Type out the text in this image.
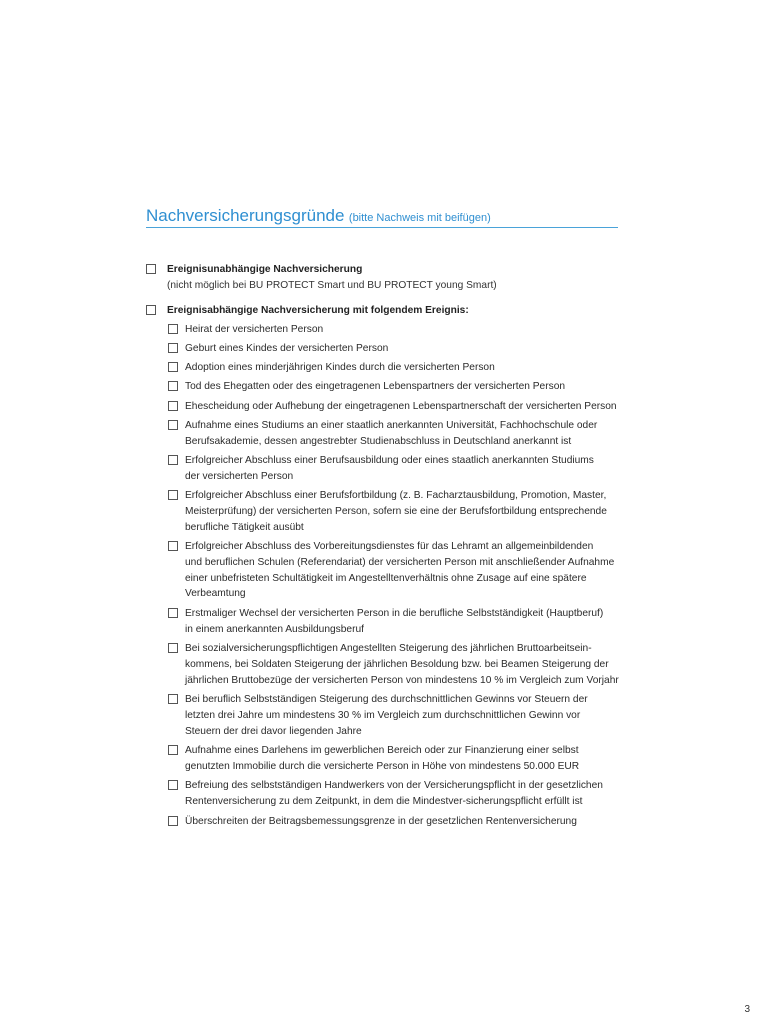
Nachversicherungsgründe (bitte Nachweis mit beifügen)
Ereignisunabhängige Nachversicherung
(nicht möglich bei BU PROTECT Smart und BU PROTECT young Smart)
Ereignisabhängige Nachversicherung mit folgendem Ereignis:
Heirat der versicherten Person
Geburt eines Kindes der versicherten Person
Adoption eines minderjährigen Kindes durch die versicherten Person
Tod des Ehegatten oder des eingetragenen Lebenspartners der versicherten Person
Ehescheidung oder Aufhebung der eingetragenen Lebenspartnerschaft der versicherten Person
Aufnahme eines Studiums an einer staatlich anerkannten Universität, Fachhochschule oder
Berufsakademie, dessen angestrebter Studienabschluss in Deutschland anerkannt ist
Erfolgreicher Abschluss einer Berufsausbildung oder eines staatlich anerkannten Studiums
der versicherten Person
Erfolgreicher Abschluss einer Berufsfortbildung (z. B. Facharztausbildung, Promotion, Master,
Meisterprüfung) der versicherten Person, sofern sie eine der Berufsfortbildung entsprechende
berufliche Tätigkeit ausübt
Erfolgreicher Abschluss des Vorbereitungsdienstes für das Lehramt an allgemeinbildenden
und beruflichen Schulen (Referendariat) der versicherten Person mit anschließender Aufnahme
einer unbefristeten Schultätigkeit im Angestelltenverhältnis ohne Zusage auf eine spätere
Verbeamtung
Erstmaliger Wechsel der versicherten Person in die berufliche Selbstständigkeit (Hauptberuf)
in einem anerkannten Ausbildungsberuf
Bei sozialversicherungspflichtigen Angestellten Steigerung des jährlichen Bruttoarbeitsein-
kommens, bei Soldaten Steigerung der jährlichen Besoldung bzw. bei Beamen Steigerung der
jährlichen Bruttobezüge der versicherten Person von mindestens 10 % im Vergleich zum Vorjahr
Bei beruflich Selbstständigen Steigerung des durchschnittlichen Gewinns vor Steuern der
letzten drei Jahre um mindestens 30 % im Vergleich zum durchschnittlichen Gewinn vor
Steuern der drei davor liegenden Jahre
Aufnahme eines Darlehens im gewerblichen Bereich oder zur Finanzierung einer selbst
genutzten Immobilie durch die versicherte Person in Höhe von mindestens 50.000 EUR
Befreiung des selbstständigen Handwerkers von der Versicherungspflicht in der gesetzlichen
Rentenversicherung zu dem Zeitpunkt, in dem die Mindestver-sicherungspflicht erfüllt ist
Überschreiten der Beitragsbemessungsgrenze in der gesetzlichen Rentenversicherung
3
